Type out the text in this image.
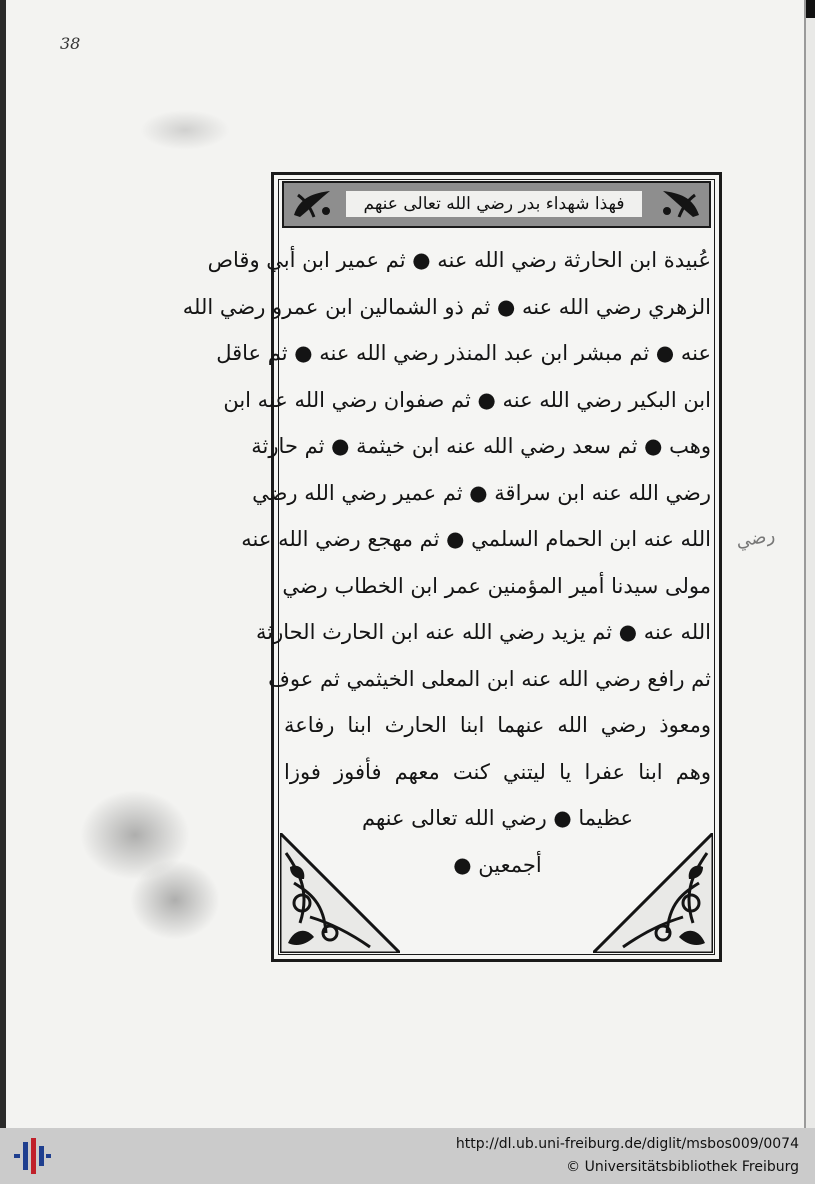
38
رضي
فهذا شهداء بدر رضي الله تعالى عنهم
عُبيدة ابن الحارثة رضي الله عنه ● ثم عمير ابن أبي وقاص
الزهري رضي الله عنه ● ثم ذو الشمالين ابن عمرو رضي الله
عنه ● ثم مبشر ابن عبد المنذر رضي الله عنه ● ثم عاقل
ابن البكير رضي الله عنه ● ثم صفوان رضي الله عنه ابن
وهب ● ثم سعد رضي الله عنه ابن خيثمة ● ثم حارثة
رضي الله عنه ابن سراقة ● ثم عمير رضي الله رضي
الله عنه ابن الحمام السلمي ● ثم مهجع رضي الله عنه
مولى سيدنا أمير المؤمنين عمر ابن الخطاب رضي
الله عنه ● ثم يزيد رضي الله عنه ابن الحارث الحارثة
ثم رافع رضي الله عنه ابن المعلى الخيثمي ثم عوف
ومعوذ رضي الله عنهما ابنا الحارث ابنا رفاعة
وهم ابنا عفرا يا ليتني كنت معهم فأفوز فوزا
عظيما ● رضي الله تعالى عنهم
أجمعين ●
http://dl.ub.uni-freiburg.de/diglit/msbos009/0074
© Universitätsbibliothek Freiburg
